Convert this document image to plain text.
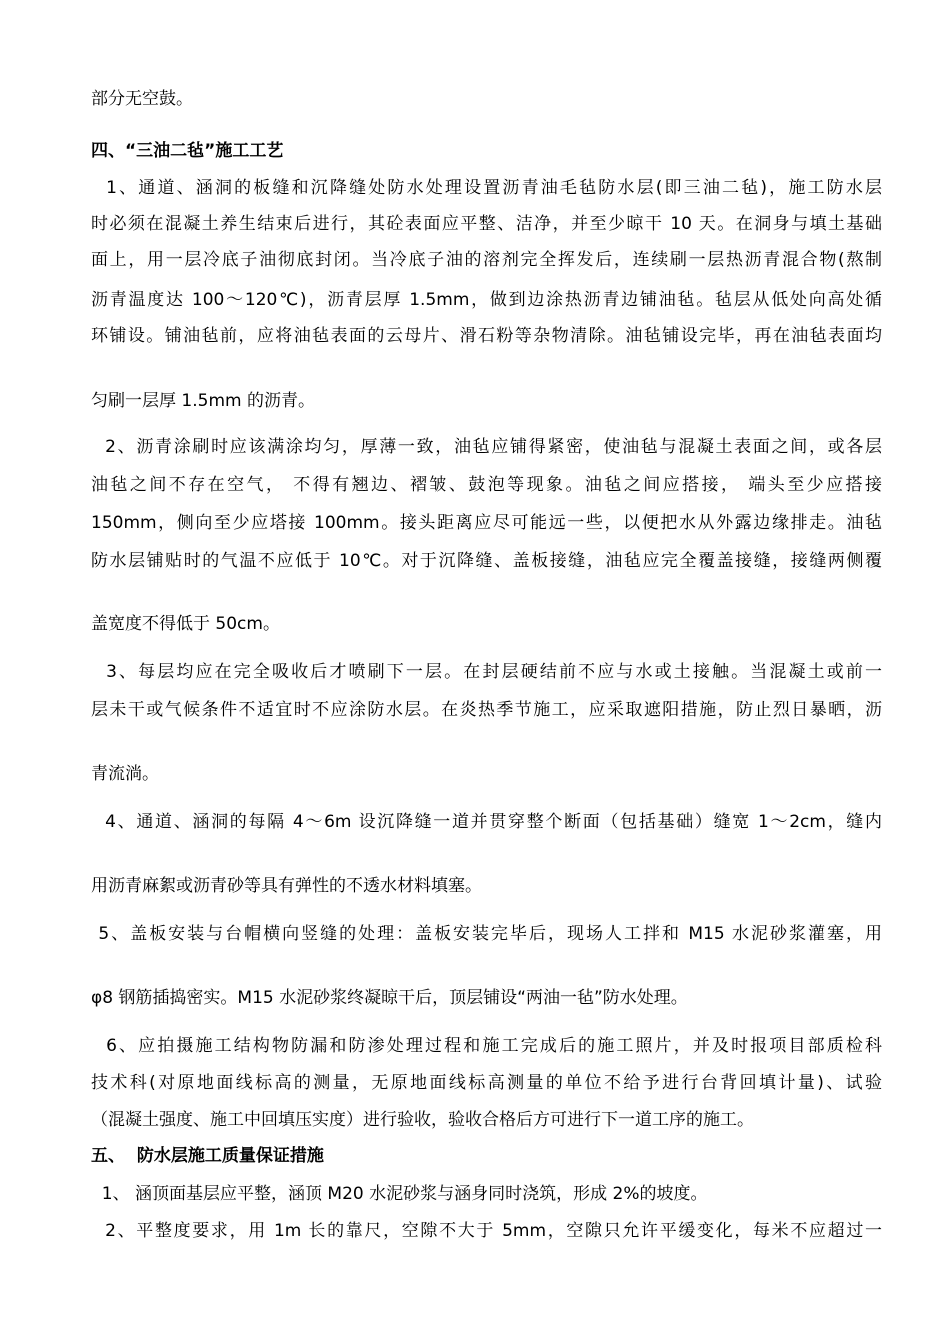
部分无空鼓。
四、“三油二毡”施工工艺
1、通道、涵洞的板缝和沉降缝处防水处理设置沥青油毛毡防水层(即三油二毡)，施工防水层
时必须在混凝土养生结束后进行，其砼表面应平整、洁净，并至少晾干 10 天。在洞身与填土基础
面上，用一层冷底子油彻底封闭。当冷底子油的溶剂完全挥发后，连续刷一层热沥青混合物(熬制
沥青温度达 100～120℃)，沥青层厚 1.5mm，做到边涂热沥青边铺油毡。毡层从低处向高处循
环铺设。铺油毡前，应将油毡表面的云母片、滑石粉等杂物清除。油毡铺设完毕，再在油毡表面均
匀刷一层厚 1.5mm 的沥青。
2、沥青涂刷时应该满涂均匀，厚薄一致，油毡应铺得紧密，使油毡与混凝土表面之间，或各层
油毡之间不存在空气， 不得有翘边、褶皱、鼓泡等现象。油毡之间应搭接， 端头至少应搭接
150mm，侧向至少应塔接 100mm。接头距离应尽可能远一些，以便把水从外露边缘排走。油毡
防水层铺贴时的气温不应低于 10℃。对于沉降缝、盖板接缝，油毡应完全覆盖接缝，接缝两侧覆
盖宽度不得低于 50cm。
3、每层均应在完全吸收后才喷刷下一层。在封层硬结前不应与水或土接触。当混凝土或前一
层未干或气候条件不适宜时不应涂防水层。在炎热季节施工，应采取遮阳措施，防止烈日暴晒，沥
青流淌。
4、通道、涵洞的每隔 4～6m 设沉降缝一道并贯穿整个断面（包括基础）缝宽 1～2cm，缝内
用沥青麻絮或沥青砂等具有弹性的不透水材料填塞。
5、盖板安装与台帽横向竖缝的处理：盖板安装完毕后，现场人工拌和 M15 水泥砂浆灌塞，用
φ8 钢筋插捣密实。M15 水泥砂浆终凝晾干后，顶层铺设“两油一毡”防水处理。
6、应拍摄施工结构物防漏和防渗处理过程和施工完成后的施工照片，并及时报项目部质检科
技术科(对原地面线标高的测量，无原地面线标高测量的单位不给予进行台背回填计量)、试验
（混凝土强度、施工中回填压实度）进行验收，验收合格后方可进行下一道工序的施工。
五、  防水层施工质量保证措施
1、 涵顶面基层应平整，涵顶 M20 水泥砂浆与涵身同时浇筑，形成 2%的坡度。
2、平整度要求，用 1m 长的靠尺，空隙不大于 5mm，空隙只允许平缓变化，每米不应超过一
